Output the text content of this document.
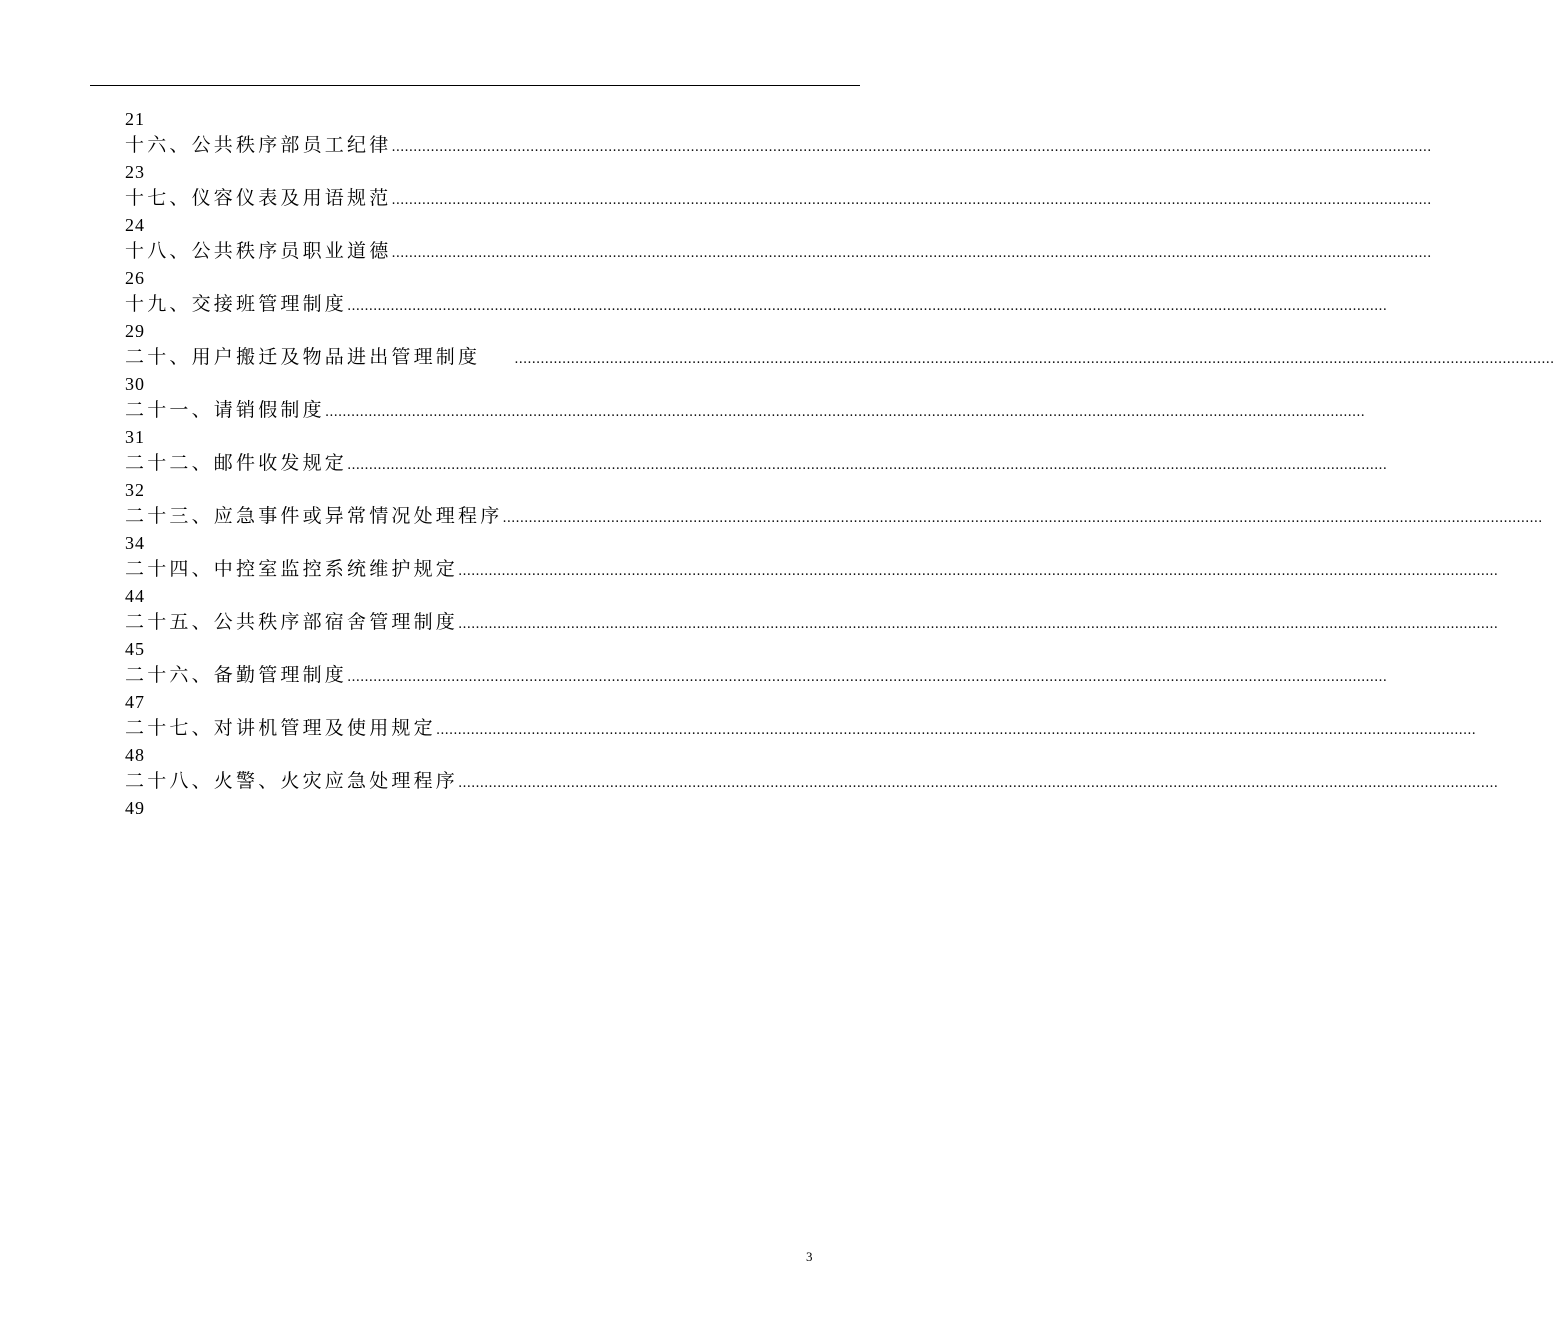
21
十六、公共秩序部员工纪律 ……………………………………………………………………………………………………………………………………………………………………………………………………………………
23
十七、仪容仪表及用语规范 ……………………………………………………………………………………………………………………………………………………………………………………………………………………
24
十八、公共秩序员职业道德 ……………………………………………………………………………………………………………………………………………………………………………………………………………………
26
十九、交接班管理制度 ……………………………………………………………………………………………………………………………………………………………………………………………………………………
29
二十、用户搬迁及物品进出管理制度	……………………………………………………………………………………………………………………………………………………………………………………………………………………
30
二十一、请销假制度 ……………………………………………………………………………………………………………………………………………………………………………………………………………………
31
二十二、邮件收发规定 ……………………………………………………………………………………………………………………………………………………………………………………………………………………
32
二十三、应急事件或异常情况处理程序 ……………………………………………………………………………………………………………………………………………………………………………………………………………………
34
二十四、中控室监控系统维护规定 ……………………………………………………………………………………………………………………………………………………………………………………………………………………
44
二十五、公共秩序部宿舍管理制度 ……………………………………………………………………………………………………………………………………………………………………………………………………………………
45
二十六、备勤管理制度 ……………………………………………………………………………………………………………………………………………………………………………………………………………………
47
二十七、对讲机管理及使用规定 ……………………………………………………………………………………………………………………………………………………………………………………………………………………
48
二十八、火警、火灾应急处理程序 ……………………………………………………………………………………………………………………………………………………………………………………………………………………
49
3
